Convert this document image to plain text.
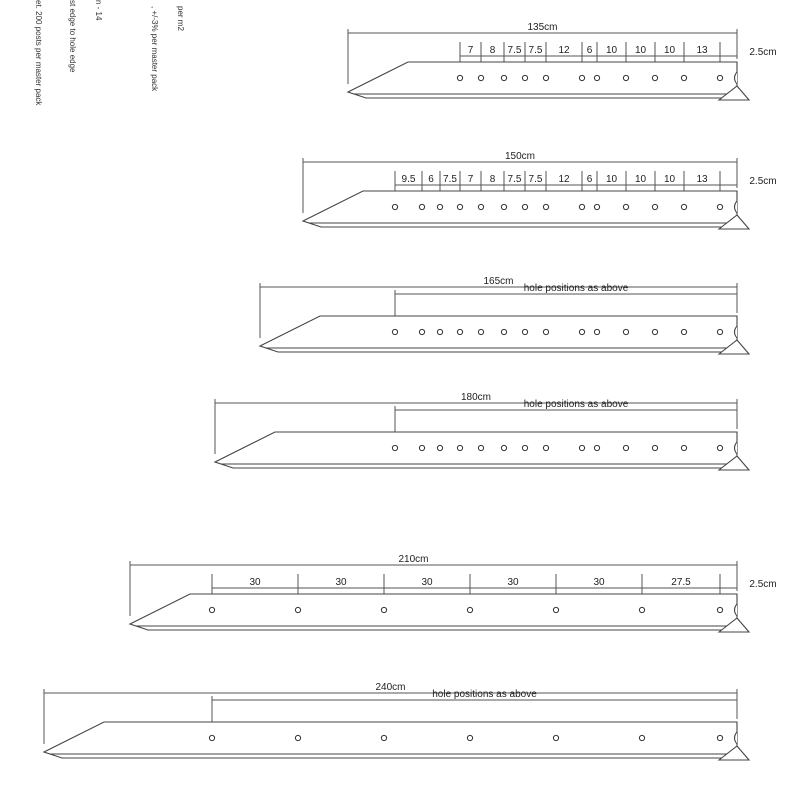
per m2
, +/-3% per master pack
n - 14
st edge to hole edge
et. 200 posts per master pack	135cm
7 8 7.5 7.5 12 6 10 10 10 13	2.5cm
150cm
9.5 6 7.5 7 8 7.5 7.5 12 6 10 10 10 13	2.5cm
165cm
hole positions as above
180cm
hole positions as above
210cm
30	30	30	30	30	27.5	2.5cm
240cm
hole positions as above
